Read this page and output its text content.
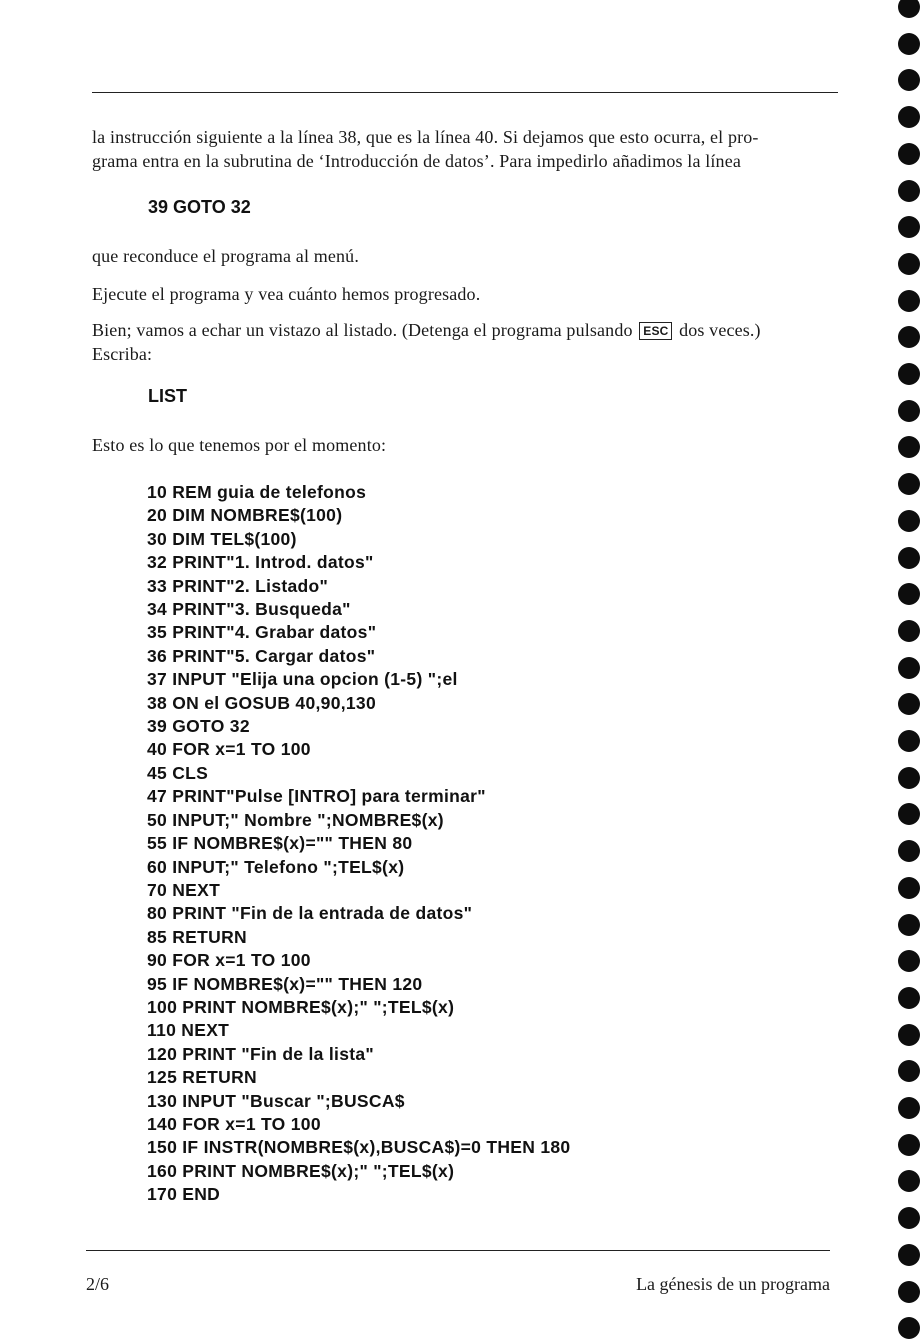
la instrucción siguiente a la línea 38, que es la línea 40. Si dejamos que esto ocurra, el pro-
grama entra en la subrutina de ‘Introducción de datos’. Para impedirlo añadimos la línea
39 GOTO 32
que reconduce el programa al menú.
Ejecute el programa y vea cuánto hemos progresado.
Bien; vamos a echar un vistazo al listado. (Detenga el programa pulsando ESC dos veces.)
Escriba:
LIST
Esto es lo que tenemos por el momento:
10 REM guia de telefonos
20 DIM NOMBRE$(100)
30 DIM TEL$(100)
32 PRINT"1. Introd. datos"
33 PRINT"2. Listado"
34 PRINT"3. Busqueda"
35 PRINT"4. Grabar datos"
36 PRINT"5. Cargar datos"
37 INPUT "Elija una opcion (1-5) ";el
38 ON el GOSUB 40,90,130
39 GOTO 32
40 FOR x=1 TO 100
45 CLS
47 PRINT"Pulse [INTRO] para terminar"
50 INPUT;" Nombre ";NOMBRE$(x)
55 IF NOMBRE$(x)="" THEN 80
60 INPUT;" Telefono ";TEL$(x)
70 NEXT
80 PRINT "Fin de la entrada de datos"
85 RETURN
90 FOR x=1 TO 100
95 IF NOMBRE$(x)="" THEN 120
100 PRINT NOMBRE$(x);" ";TEL$(x)
110 NEXT
120 PRINT "Fin de la lista"
125 RETURN
130 INPUT "Buscar ";BUSCA$
140 FOR x=1 TO 100
150 IF INSTR(NOMBRE$(x),BUSCA$)=0 THEN 180
160 PRINT NOMBRE$(x);" ";TEL$(x)
170 END
2/6	La génesis de un programa
